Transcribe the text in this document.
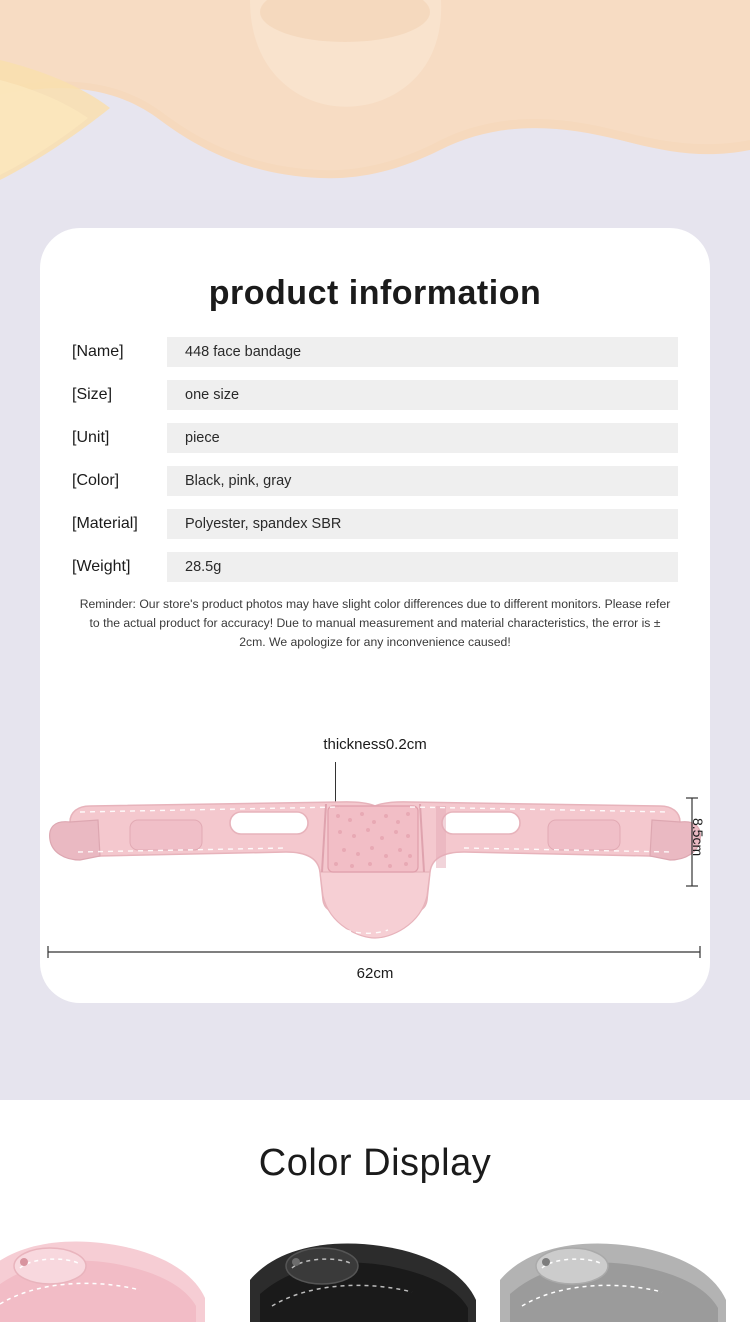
product information
[Name]	448 face bandage
[Size]	one size
[Unit]	piece
[Color]	Black, pink, gray
[Material]	Polyester, spandex SBR
[Weight]	28.5g
Reminder: Our store's product photos may have slight color differences due to different monitors. Please refer to the actual product for accuracy! Due to manual measurement and material characteristics, the error is ± 2cm. We apologize for any inconvenience caused!
thickness0.2cm
8.5cm
62cm
Color Display
